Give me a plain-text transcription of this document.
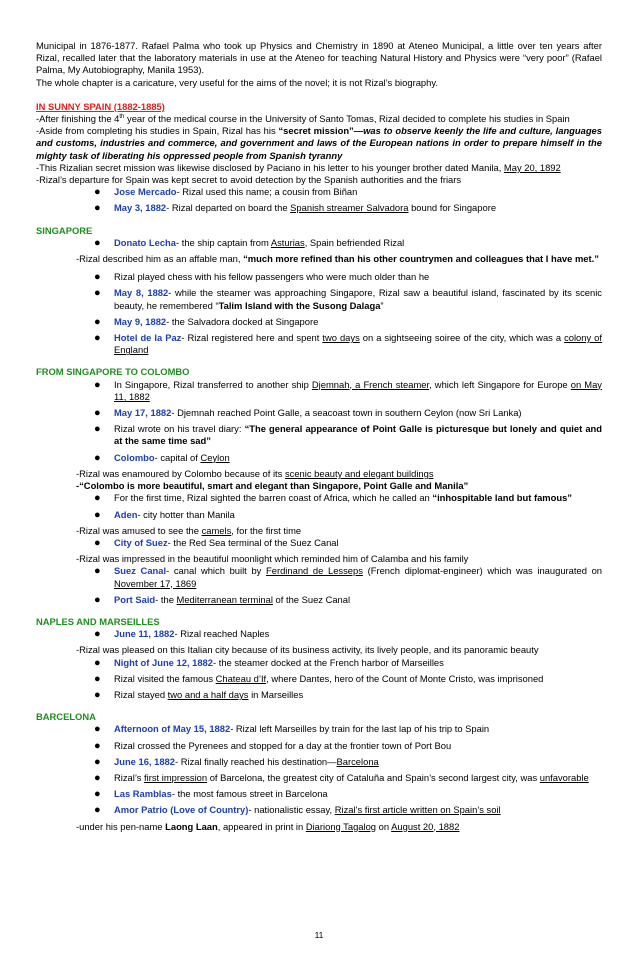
Municipal in 1876-1877. Rafael Palma who took up Physics and Chemistry in 1890 at Ateneo Municipal, a little over ten years after Rizal, recalled later that the laboratory materials in use at the Ateneo for teaching Natural History and Physics were “very poor” (Rafael Palma, My Autobiography, Manila 1953).

The whole chapter is a caricature, very useful for the aims of the novel; it is not Rizal’s biography.

IN SUNNY SPAIN (1882-1885)

-After finishing the 4th year of the medical course in the University of Santo Tomas, Rizal decided to complete his studies in Spain

-Aside from completing his studies in Spain, Rizal has his “secret mission”—was to observe keenly the life and culture, languages and customs, industries and commerce, and government and laws of the European nations in order to prepare himself in the mighty task of liberating his oppressed people from Spanish tyranny

-This Rizalian secret mission was likewise disclosed by Paciano in his letter to his younger brother dated Manila, May 20, 1892

-Rizal’s departure for Spain was kept secret to avoid detection by the Spanish authorities and the friars

● Jose Mercado- Rizal used this name; a cousin from Biñan
● May 3, 1882- Rizal departed on board the Spanish streamer Salvadora bound for Singapore

SINGAPORE

● Donato Lecha- the ship captain from Asturias, Spain befriended Rizal

-Rizal described him as an affable man, “much more refined than his other countrymen and colleagues that I have met.”

● Rizal played chess with his fellow passengers who were much older than he
● May 8, 1882- while the steamer was approaching Singapore, Rizal saw a beautiful island, fascinated by its scenic beauty, he remembered “Talim Island with the Susong Dalaga”
● May 9, 1882- the Salvadora docked at Singapore
● Hotel de la Paz- Rizal registered here and spent two days on a sightseeing soiree of the city, which was a colony of England

FROM SINGAPORE TO COLOMBO

● In Singapore, Rizal transferred to another ship Djemnah, a French steamer, which left Singapore for Europe on May 11, 1882
● May 17, 1882- Djemnah reached Point Galle, a seacoast town in southern Ceylon (now Sri Lanka)
● Rizal wrote on his travel diary: “The general appearance of Point Galle is picturesque but lonely and quiet and at the same time sad”
● Colombo- capital of Ceylon

-Rizal was enamoured by Colombo because of its scenic beauty and elegant buildings

-“Colombo is more beautiful, smart and elegant than Singapore, Point Galle and Manila”

● For the first time, Rizal sighted the barren coast of Africa, which he called an “inhospitable land but famous”
● Aden- city hotter than Manila

-Rizal was amused to see the camels, for the first time

● City of Suez- the Red Sea terminal of the Suez Canal

-Rizal was impressed in the beautiful moonlight which reminded him of Calamba and his family

● Suez Canal- canal which built by Ferdinand de Lesseps (French diplomat-engineer) which was inaugurated on November 17, 1869
● Port Said- the Mediterranean terminal of the Suez Canal

NAPLES AND MARSEILLES

● June 11, 1882- Rizal reached Naples

-Rizal was pleased on this Italian city because of its business activity, its lively people, and its panoramic beauty

● Night of June 12, 1882- the steamer docked at the French harbor of Marseilles
● Rizal visited the famous Chateau d’If, where Dantes, hero of the Count of Monte Cristo, was imprisoned
● Rizal stayed two and a half days in Marseilles

BARCELONA

● Afternoon of May 15, 1882- Rizal left Marseilles by train for the last lap of his trip to Spain
● Rizal crossed the Pyrenees and stopped for a day at the frontier town of Port Bou
● June 16, 1882- Rizal finally reached his destination—Barcelona
● Rizal’s first impression of Barcelona, the greatest city of Cataluña and Spain’s second largest city, was unfavorable
● Las Ramblas- the most famous street in Barcelona
● Amor Patrio (Love of Country)- nationalistic essay, Rizal’s first article written on Spain’s soil

-under his pen-name Laong Laan, appeared in print in Diariong Tagalog on August 20, 1882

11
